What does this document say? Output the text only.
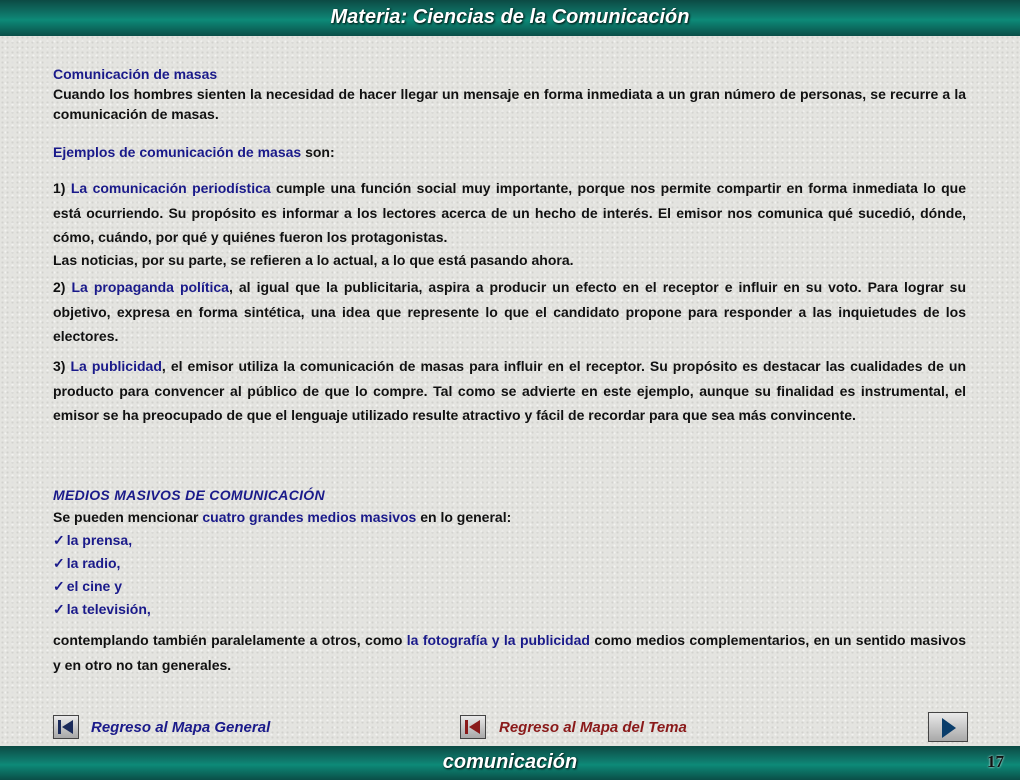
Materia: Ciencias de la Comunicación
Comunicación de masas

Cuando los hombres sienten la necesidad de hacer llegar un mensaje en forma inmediata a un gran número de personas, se recurre a la comunicación de masas.

Ejemplos de comunicación de masas son:

1) La comunicación periodística cumple una función social muy importante, porque nos permite compartir en forma inmediata lo que está ocurriendo. Su propósito es informar a los lectores acerca de un hecho de interés. El emisor nos comunica qué sucedió, dónde, cómo, cuándo, por qué y quiénes fueron los protagonistas.

Las noticias, por su parte, se refieren a lo actual, a lo que está pasando ahora.

2) La propaganda política, al igual que la publicitaria, aspira a producir un efecto en el receptor e influir en su voto. Para lograr su objetivo, expresa en forma sintética, una idea que represente lo que el candidato propone para responder a las inquietudes de los electores.

3) La publicidad, el emisor utiliza la comunicación de masas para influir en el receptor. Su propósito es destacar las cualidades de un producto para convencer al público de que lo compre. Tal como se advierte en este ejemplo, aunque su finalidad es instrumental, el emisor se ha preocupado de que el lenguaje utilizado resulte atractivo y fácil de recordar para que sea más convincente.

MEDIOS MASIVOS DE COMUNICACIÓN
Se pueden mencionar cuatro grandes medios masivos en lo general:
✓ la prensa,
✓ la radio,
✓ el cine y
✓ la televisión,

contemplando también paralelamente a otros, como la fotografía y la publicidad como medios complementarios, en un sentido masivos y en otro no tan generales.

Regreso al Mapa General	Regreso al Mapa del Tema
comunicación	17
